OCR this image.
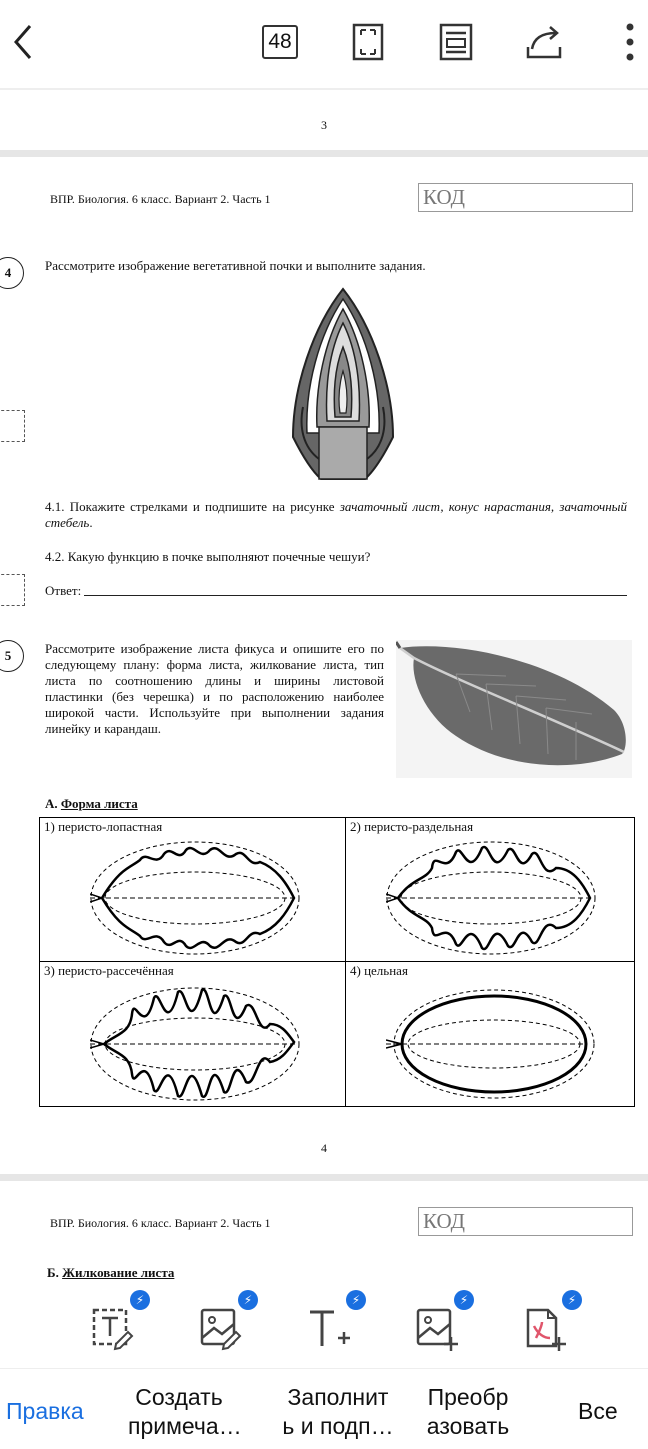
48
3
ВПР. Биология. 6 класс. Вариант 2. Часть 1	КОД
4	Рассмотрите изображение вегетативной почки и выполните задания.
4.1. Покажите стрелками и подпишите на рисунке зачаточный лист, конус нарастания, зачаточный стебель.
4.2. Какую функцию в почке выполняют почечные чешуи?
Ответ:
5	Рассмотрите изображение листа фикуса и опишите его по следующему плану: форма листа, жилкование листа, тип листа по соотношению длины и ширины листовой пластинки (без черешка) и по расположению наиболее широкой части. Используйте при выполнении задания линейку и карандаш.
А. Форма листа
1) перисто-лопастная	2) перисто-раздельная
3) перисто-рассечённая	4) цельная
4
ВПР. Биология. 6 класс. Вариант 2. Часть 1	КОД
Б. Жилкование листа
⚡	⚡	⚡	⚡	⚡
Правка
Создать
примеча…
Заполнит
ь и подп…
Преобр
азовать
Все
